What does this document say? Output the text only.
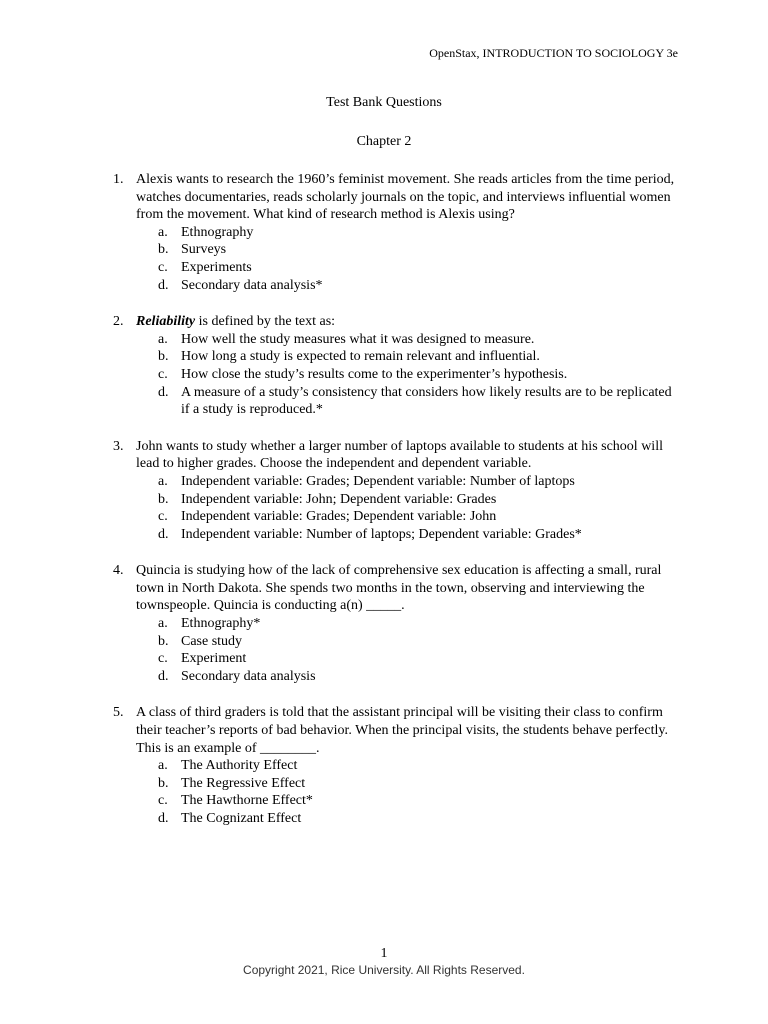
OpenStax, INTRODUCTION TO SOCIOLOGY 3e
Test Bank Questions
Chapter 2
1. Alexis wants to research the 1960’s feminist movement. She reads articles from the time period, watches documentaries, reads scholarly journals on the topic, and interviews influential women from the movement. What kind of research method is Alexis using?
a. Ethnography
b. Surveys
c. Experiments
d. Secondary data analysis*
2. Reliability is defined by the text as:
a. How well the study measures what it was designed to measure.
b. How long a study is expected to remain relevant and influential.
c. How close the study’s results come to the experimenter’s hypothesis.
d. A measure of a study’s consistency that considers how likely results are to be replicated if a study is reproduced.*
3. John wants to study whether a larger number of laptops available to students at his school will lead to higher grades. Choose the independent and dependent variable.
a. Independent variable: Grades; Dependent variable: Number of laptops
b. Independent variable: John; Dependent variable: Grades
c. Independent variable: Grades; Dependent variable: John
d. Independent variable: Number of laptops; Dependent variable: Grades*
4. Quincia is studying how of the lack of comprehensive sex education is affecting a small, rural town in North Dakota. She spends two months in the town, observing and interviewing the townspeople. Quincia is conducting a(n) _____.
a. Ethnography*
b. Case study
c. Experiment
d. Secondary data analysis
5. A class of third graders is told that the assistant principal will be visiting their class to confirm their teacher’s reports of bad behavior. When the principal visits, the students behave perfectly. This is an example of ________.
a. The Authority Effect
b. The Regressive Effect
c. The Hawthorne Effect*
d. The Cognizant Effect
1
Copyright 2021, Rice University. All Rights Reserved.
